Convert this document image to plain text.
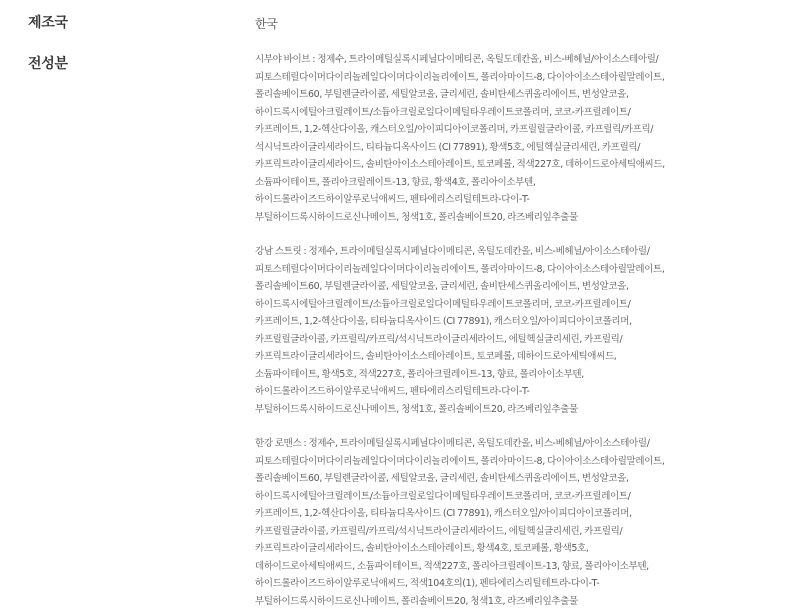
제조국	한국
전성분	시부야 바이브 : 정제수, 트라이메틸실록시페닐다이메티콘, 옥틸도데칸올, 비스-베헤닐/아이소스테아릴/피토스테릴다이머다이리놀레일다이머다이리놀리에이트, 폴리아마이드-8, 다이아이소스테아릴말레이트, 폴리솔베이트60, 부틸렌글라이콜, 세틸알코올, 글리세린, 솔비탄세스퀴올리에이트, 변성알코올, 하이드록시에틸아크릴레이트/소듐아크릴로일다이메틸타우레이트코폴리머, 코코-카프릴레이트/카프레이트, 1,2-헥산다이올, 캐스터오일/아이피디아이코폴리머, 카프릴릴글라이콜, 카프릴릭/카프릭/석시닉트라이글리세라이드, 티타늄디옥사이드 (CI 77891), 황색5호, 에틸헥실글리세린, 카프릴릭/카프릭트라이글리세라이드, 솔비탄아이소스테아레이트, 토코페롤, 적색227호, 데하이드로아세틱애씨드, 소듐파이테이트, 폴리아크릴레이트-13, 향료, 황색4호, 폴리아이소부텐, 하이드롤라이즈드하이알루로닉애씨드, 펜타에리스리틸테트라-다이-T-부틸하이드록시하이드로신나메이트, 청색1호, 폴리솔베이트20, 라즈베리잎추출물

강남 스트릿 : 정제수, 트라이메틸실록시페닐다이메티콘, 옥틸도데칸올, 비스-베헤닐/아이소스테아릴/피토스테릴다이머다이리놀레일다이머다이리놀리에이트, 폴리아마이드-8, 다이아이소스테아릴말레이트, 폴리솔베이트60, 부틸렌글라이콜, 세틸알코올, 글리세린, 솔비탄세스퀴올리에이트, 변성알코올, 하이드록시에틸아크릴레이트/소듐아크릴로일다이메틸타우레이트코폴리머, 코코-카프릴레이트/카프레이트, 1,2-헥산다이올, 티타늄디옥사이드 (CI 77891), 캐스터오일/아이피디아이코폴리머, 카프릴릴글라이콜, 카프릴릭/카프릭/석시닉트라이글리세라이드, 에틸헥실글리세린, 카프릴릭/카프릭트라이글리세라이드, 솔비탄아이소스테아레이트, 토코페롤, 데하이드로아세틱애씨드, 소듐파이테이트, 황색5호, 적색227호, 폴리아크릴레이트-13, 향료, 폴리아이소부텐, 하이드롤라이즈드하이알루로닉애씨드, 펜타에리스리틸테트라-다이-T-부틸하이드록시하이드로신나메이트, 청색1호, 폴리솔베이트20, 라즈베리잎추출물

한강 로맨스 : 정제수, 트라이메틸실록시페닐다이메티콘, 옥틸도데칸올, 비스-베헤닐/아이소스테아릴/피토스테릴다이머다이리놀레일다이머다이리놀리에이트, 폴리아마이드-8, 다이아이소스테아릴말레이트, 폴리솔베이트60, 부틸렌글라이콜, 세틸알코올, 글리세린, 솔비탄세스퀴올리에이트, 변성알코올, 하이드록시에틸아크릴레이트/소듐아크릴로일다이메틸타우레이트코폴리머, 코코-카프릴레이트/카프레이트, 1,2-헥산다이올, 티타늄디옥사이드 (CI 77891), 캐스터오일/아이피디아이코폴리머, 카프릴릴글라이콜, 카프릴릭/카프릭/석시닉트라이글리세라이드, 에틸헥실글리세린, 카프릴릭/카프릭트라이글리세라이드, 솔비탄아이소스테아레이트, 황색4호, 토코페롤, 황색5호, 데하이드로아세틱애씨드, 소듐파이테이트, 적색227호, 폴리아크릴레이트-13, 향료, 폴리아이소부텐, 하이드롤라이즈드하이알루로닉애씨드, 적색104호의(1), 펜타에리스리틸테트라-다이-T-부틸하이드록시하이드로신나메이트, 폴리솔베이트20, 청색1호, 라즈베리잎추출물
